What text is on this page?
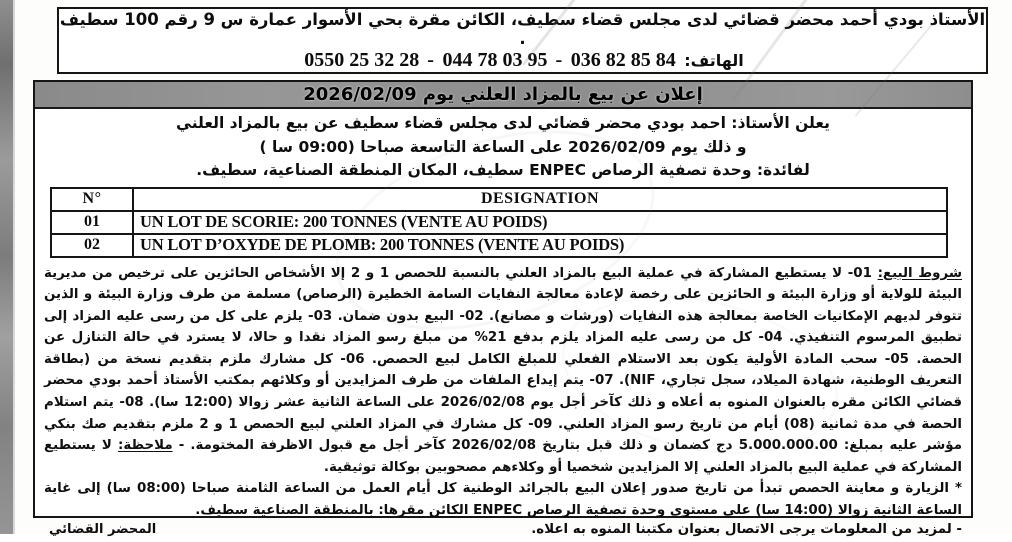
الأستاذ بودي أحمد محضر قضائي لدى مجلس قضاء سطيف، الكائن مقرة بحي الأسوار عمارة س 9 رقم 100 سطيف .
الهاتف: 036 82 85 84 - 044 78 03 95 - 0550 25 32 28
إعلان عن بيع بالمزاد العلني يوم 2026/02/09
يعلن الأستاذ: احمد بودي محضر قضائي لدى مجلس قضاء سطيف عن بيع بالمزاد العلني
و ذلك يوم 2026/02/09 على الساعة التاسعة صباحا (09:00 سا )
لفائدة: وحدة تصفية الرصاص ENPEC سطيف، المكان المنطقة الصناعية، سطيف.
N°	DESIGNATION
01	UN LOT DE SCORIE: 200 TONNES (VENTE AU POIDS)
02	UN LOT D’OXYDE DE PLOMB: 200 TONNES (VENTE AU POIDS)
شروط البيع: 01- لا يستطيع المشاركة في عملية البيع بالمزاد العلني بالنسبة للحصص 1 و 2 إلا الأشخاص الحائزين على ترخيص من مديرية البيئة للولاية أو وزارة البيئة و الحائزين على رخصة لإعادة معالجة النفايات السامة الخطيرة (الرصاص) مسلمة من طرف وزارة البيئة و الذين تتوفر لديهم الإمكانيات الخاصة بمعالجة هذه النفايات (ورشات و مصانع). 02- البيع بدون ضمان. 03- يلزم على كل من رسى عليه المزاد إلى تطبيق المرسوم التنفيذي. 04- كل من رسى عليه المزاد يلزم بدفع 21% من مبلغ رسو المزاد نقدا و حالا، لا يسترد في حالة التنازل عن الحصة. 05- سحب المادة الأولية يكون بعد الاستلام الفعلي للمبلغ الكامل لبيع الحصص. 06- كل مشارك ملزم بتقديم نسخة من (بطاقة التعريف الوطنية، شهادة الميلاد، سجل تجاري، NIF). 07- يتم إيداع الملفات من طرف المزايدين أو وكلائهم بمكتب الأستاذ أحمد بودي محضر قضائي الكائن مقره بالعنوان المنوه به أعلاه و ذلك كآخر أجل يوم 2026/02/08 على الساعة الثانية عشر زوالا (12:00 سا). 08- يتم استلام الحصة في مدة ثمانية (08) أيام من تاريخ رسو المزاد العلني. 09- كل مشارك في المزاد العلني لبيع الحصص 1 و 2 ملزم بتقديم صك بنكي مؤشر عليه بمبلغ: 5.000.000.00 دج كضمان و ذلك قبل بتاريخ 2026/02/08 كآخر أجل مع قبول الاظرفة المختومة. - ملاحظة: لا يستطيع المشاركة في عملية البيع بالمزاد العلني إلا المزايدين شخصيا أو وكلاءهم مصحوبين بوكالة توثيقية.
* الزيارة و معاينة الحصص تبدأ من تاريخ صدور إعلان البيع بالجرائد الوطنية كل أيام العمل من الساعة الثامنة صباحا (08:00 سا) إلى غاية الساعة الثانية زوالا (14:00 سا) على مستوى وحدة تصفية الرصاص ENPEC الكائن مقرها: بالمنطقة الصناعية سطيف.
- لمزيد من المعلومات يرجى الاتصال بعنوان مكتبنا المنوه به اعلاه.
المحضر القضائي
